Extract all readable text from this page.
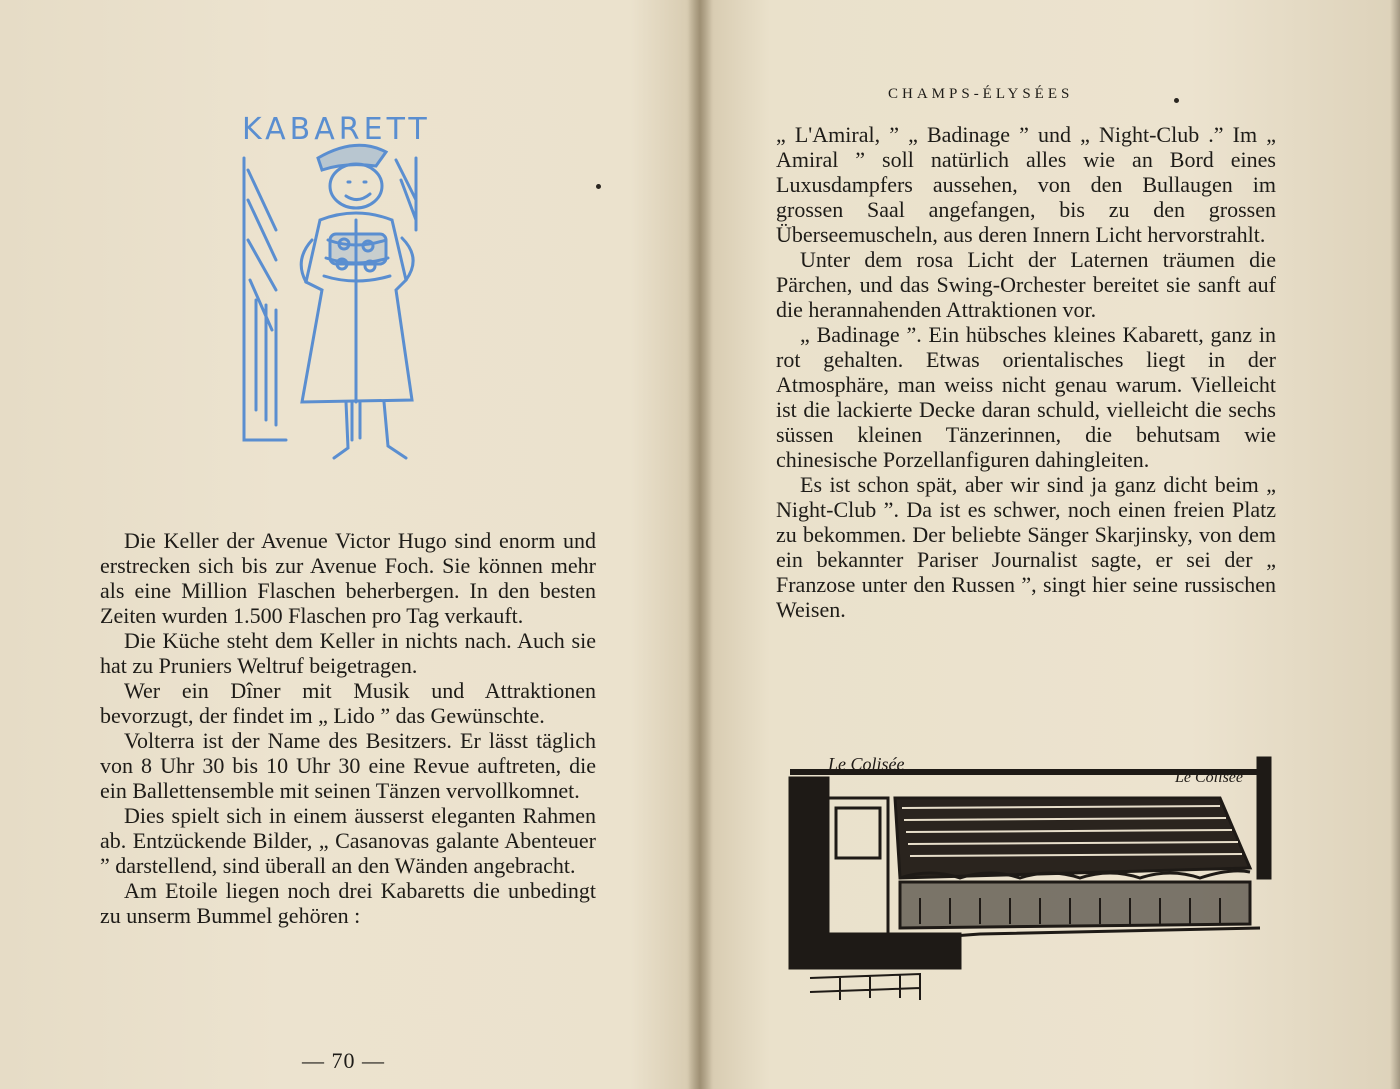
KABARETT

Die Keller der Avenue Victor Hugo sind enorm und erstrecken sich bis zur Avenue Foch. Sie können mehr als eine Million Flaschen beherbergen. In den besten Zeiten wurden 1.500 Flaschen pro Tag verkauft.

Die Küche steht dem Keller in nichts nach. Auch sie hat zu Pruniers Weltruf beigetragen.

Wer ein Dîner mit Musik und Attraktionen bevorzugt, der findet im „ Lido ” das Gewünschte.

Volterra ist der Name des Besitzers. Er lässt täglich von 8 Uhr 30 bis 10 Uhr 30 eine Revue auftreten, die ein Ballettensemble mit seinen Tänzen vervollkomnet.

Dies spielt sich in einem äusserst eleganten Rahmen ab. Entzückende Bilder, „ Casanovas galante Abenteuer ” darstellend, sind überall an den Wänden angebracht.

Am Etoile liegen noch drei Kabaretts die unbedingt zu unserm Bummel gehören :

— 70 —
CHAMPS-ÉLYSÉES

„ L'Amiral, ” „ Badinage ” und „ Night-Club .” Im „ Amiral ” soll natürlich alles wie an Bord eines Luxusdampfers aussehen, von den Bullaugen im grossen Saal angefangen, bis zu den grossen Überseemuscheln, aus deren Innern Licht hervorstrahlt.

Unter dem rosa Licht der Laternen träumen die Pärchen, und das Swing-Orchester bereitet sie sanft auf die herannahenden Attraktionen vor.

„ Badinage ”. Ein hübsches kleines Kabarett, ganz in rot gehalten. Etwas orientalisches liegt in der Atmosphäre, man weiss nicht genau warum. Vielleicht ist die lackierte Decke daran schuld, vielleicht die sechs süssen kleinen Tänzerinnen, die behutsam wie chinesische Porzellanfiguren dahingleiten.

Es ist schon spät, aber wir sind ja ganz dicht beim „ Night-Club ”. Da ist es schwer, noch einen freien Platz zu bekommen. Der beliebte Sänger Skarjinsky, von dem ein bekannter Pariser Journalist sagte, er sei der „ Franzose unter den Russen ”, singt hier seine russischen Weisen.

Le Colisée
Le Colisée
